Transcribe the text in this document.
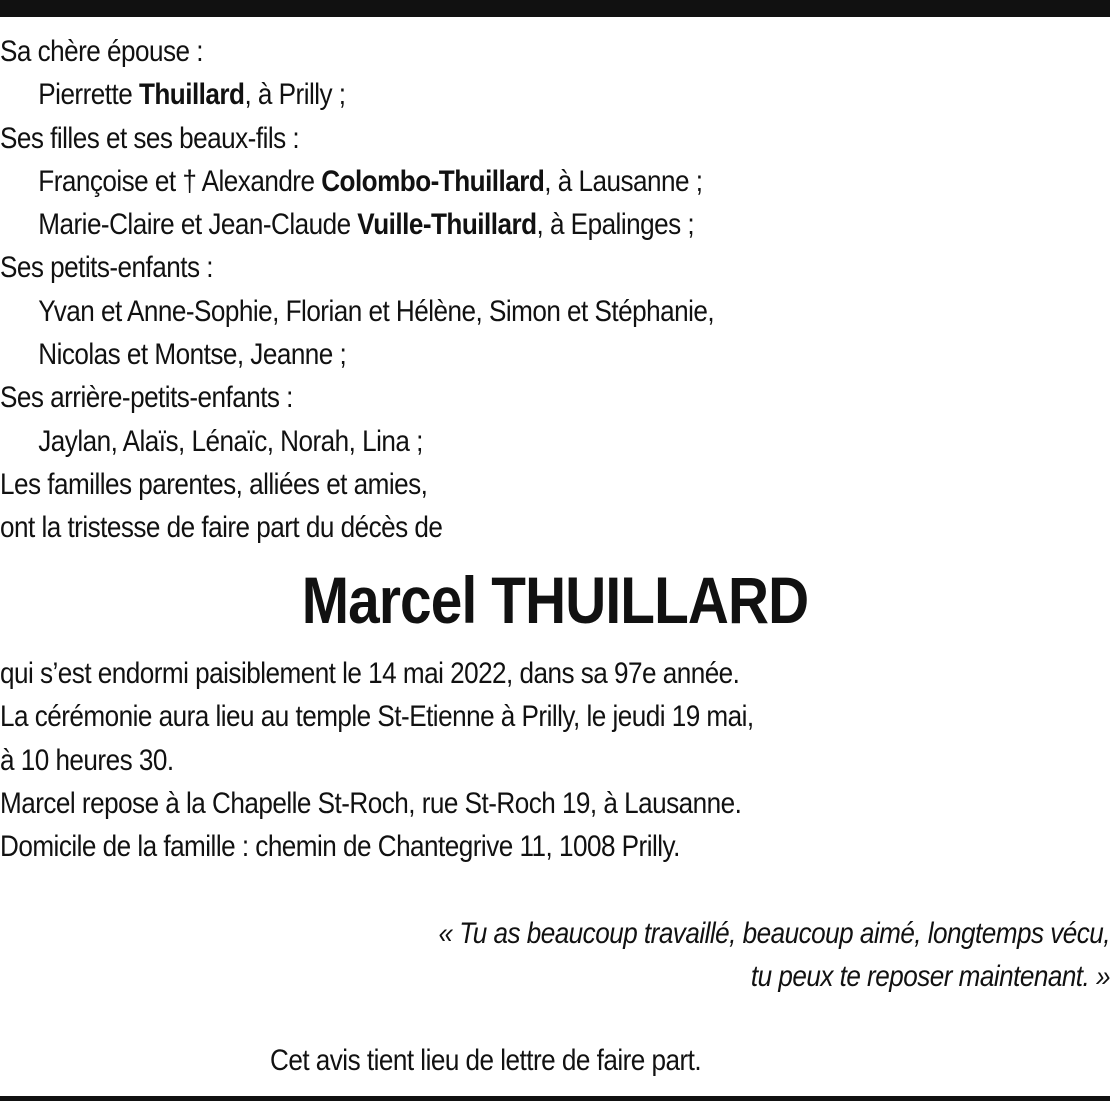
Sa chère épouse :
Pierrette Thuillard, à Prilly ;
Ses filles et ses beaux-fils :
Françoise et † Alexandre Colombo-Thuillard, à Lausanne ;
Marie-Claire et Jean-Claude Vuille-Thuillard, à Epalinges ;
Ses petits-enfants :
Yvan et Anne-Sophie, Florian et Hélène, Simon et Stéphanie,
Nicolas et Montse, Jeanne ;
Ses arrière-petits-enfants :
Jaylan, Alaïs, Lénaïc, Norah, Lina ;
Les familles parentes, alliées et amies,
ont la tristesse de faire part du décès de
Marcel THUILLARD
qui s’est endormi paisiblement le 14 mai 2022, dans sa 97e année.
La cérémonie aura lieu au temple St-Etienne à Prilly, le jeudi 19 mai,
à 10 heures 30.
Marcel repose à la Chapelle St-Roch, rue St-Roch 19, à Lausanne.
Domicile de la famille : chemin de Chantegrive 11, 1008 Prilly.
« Tu as beaucoup travaillé, beaucoup aimé, longtemps vécu,
tu peux te reposer maintenant. »
Cet avis tient lieu de lettre de faire part.
